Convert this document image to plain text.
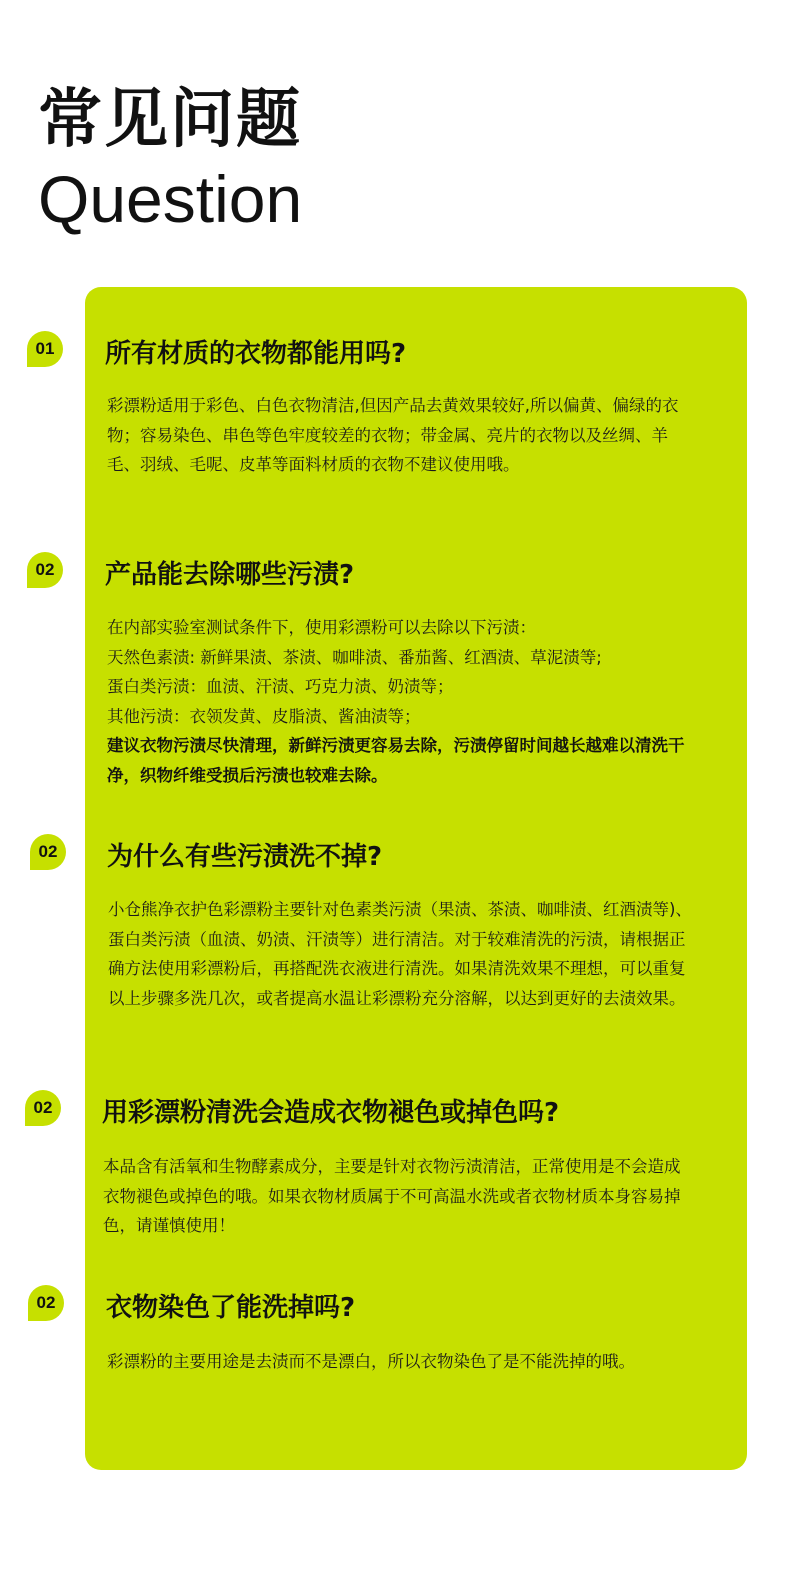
常见问题
Question
01	所有材质的衣物都能用吗?

彩漂粉适用于彩色、白色衣物清洁,但因产品去黄效果较好,所以偏黄、偏绿的衣物；容易染色、串色等色牢度较差的衣物；带金属、亮片的衣物以及丝绸、羊毛、羽绒、毛呢、皮革等面料材质的衣物不建议使用哦。

02	产品能去除哪些污渍?

在内部实验室测试条件下，使用彩漂粉可以去除以下污渍：

天然色素渍: 新鲜果渍、茶渍、咖啡渍、番茄酱、红酒渍、草泥渍等;

蛋白类污渍：血渍、汗渍、巧克力渍、奶渍等；

其他污渍：衣领发黄、皮脂渍、酱油渍等；

建议衣物污渍尽快清理，新鲜污渍更容易去除，污渍停留时间越长越难以清洗干净，织物纤维受损后污渍也较难去除。

02	为什么有些污渍洗不掉?

小仓熊净衣护色彩漂粉主要针对色素类污渍（果渍、茶渍、咖啡渍、红酒渍等)、蛋白类污渍（血渍、奶渍、汗渍等）进行清洁。对于较难清洗的污渍，请根据正确方法使用彩漂粉后，再搭配洗衣液进行清洗。如果清洗效果不理想，可以重复以上步骤多洗几次，或者提高水温让彩漂粉充分溶解，以达到更好的去渍效果。

02	用彩漂粉清洗会造成衣物褪色或掉色吗?

本品含有活氧和生物酵素成分，主要是针对衣物污渍清洁，正常使用是不会造成衣物褪色或掉色的哦。如果衣物材质属于不可高温水洗或者衣物材质本身容易掉色，请谨慎使用！

02	衣物染色了能洗掉吗?

彩漂粉的主要用途是去渍而不是漂白，所以衣物染色了是不能洗掉的哦。
